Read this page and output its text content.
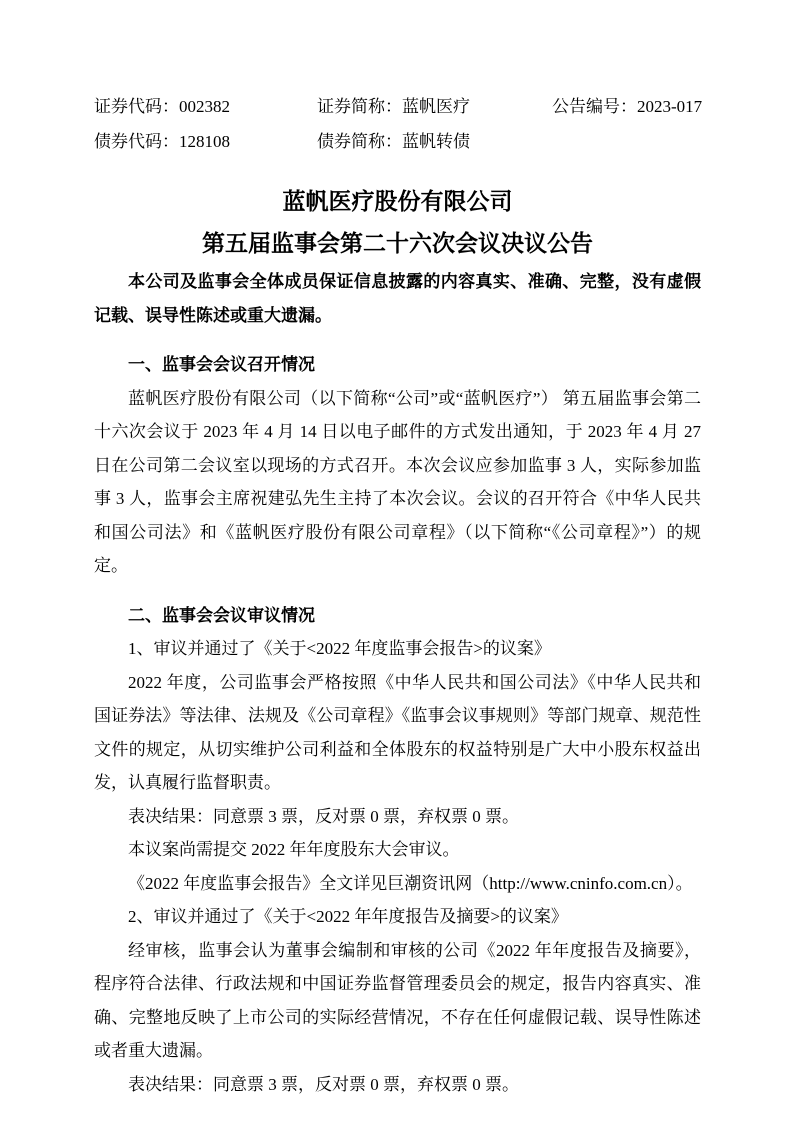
证券代码：002382	证券简称：蓝帆医疗	公告编号：2023-017
债券代码：128108	债券简称：蓝帆转债
蓝帆医疗股份有限公司
第五届监事会第二十六次会议决议公告

本公司及监事会全体成员保证信息披露的内容真实、准确、完整，没有虚假记载、误导性陈述或重大遗漏。

一、监事会会议召开情况

蓝帆医疗股份有限公司（以下简称“公司”或“蓝帆医疗”） 第五届监事会第二十六次会议于 2023 年 4 月 14 日以电子邮件的方式发出通知，于 2023 年 4 月 27 日在公司第二会议室以现场的方式召开。本次会议应参加监事 3 人，实际参加监事 3 人，监事会主席祝建弘先生主持了本次会议。会议的召开符合《中华人民共和国公司法》和《蓝帆医疗股份有限公司章程》（以下简称“《公司章程》”）的规定。

二、监事会会议审议情况

1、审议并通过了《关于<2022 年度监事会报告>的议案》

2022 年度，公司监事会严格按照《中华人民共和国公司法》《中华人民共和国证券法》等法律、法规及《公司章程》《监事会议事规则》等部门规章、规范性文件的规定，从切实维护公司利益和全体股东的权益特别是广大中小股东权益出发，认真履行监督职责。

表决结果：同意票 3 票，反对票 0 票，弃权票 0 票。

本议案尚需提交 2022 年年度股东大会审议。

《2022 年度监事会报告》全文详见巨潮资讯网（http://www.cninfo.com.cn）。

2、审议并通过了《关于<2022 年年度报告及摘要>的议案》

经审核，监事会认为董事会编制和审核的公司《2022 年年度报告及摘要》，程序符合法律、行政法规和中国证券监督管理委员会的规定，报告内容真实、准确、完整地反映了上市公司的实际经营情况，不存在任何虚假记载、误导性陈述或者重大遗漏。

表决结果：同意票 3 票，反对票 0 票，弃权票 0 票。
